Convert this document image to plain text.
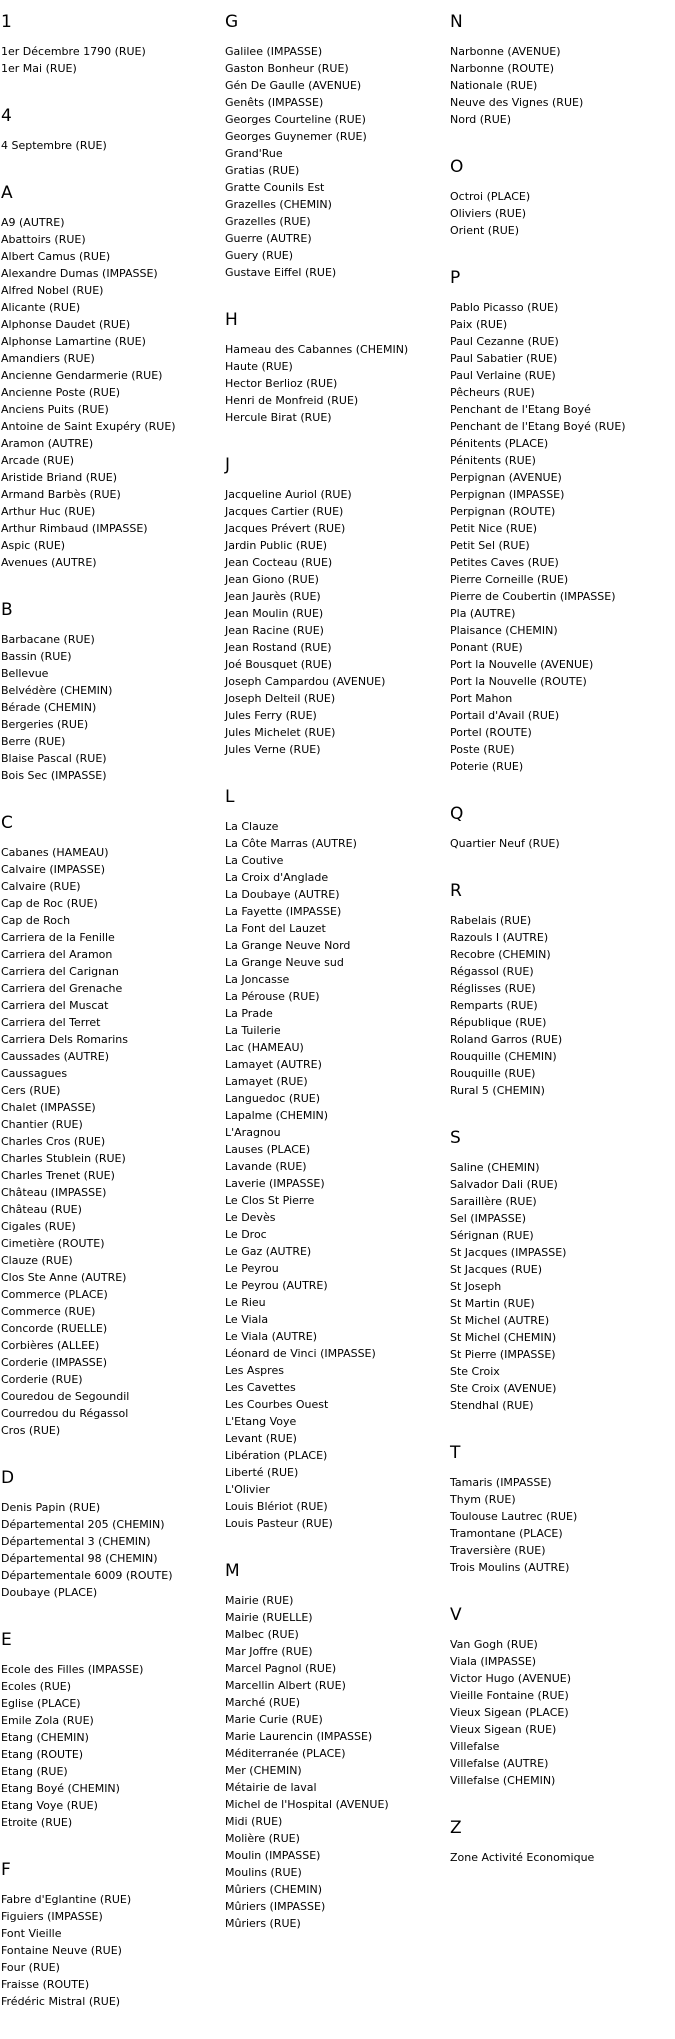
1
1er Décembre 1790 (RUE)
1er Mai (RUE)
4
4 Septembre (RUE)
A
A9 (AUTRE)
Abattoirs (RUE)
Albert Camus (RUE)
Alexandre Dumas (IMPASSE)
Alfred Nobel (RUE)
Alicante (RUE)
Alphonse Daudet (RUE)
Alphonse Lamartine (RUE)
Amandiers (RUE)
Ancienne Gendarmerie (RUE)
Ancienne Poste (RUE)
Anciens Puits (RUE)
Antoine de Saint Exupéry (RUE)
Aramon (AUTRE)
Arcade (RUE)
Aristide Briand (RUE)
Armand Barbès (RUE)
Arthur Huc (RUE)
Arthur Rimbaud (IMPASSE)
Aspic (RUE)
Avenues (AUTRE)
B
Barbacane (RUE)
Bassin (RUE)
Bellevue
Belvédère (CHEMIN)
Bérade (CHEMIN)
Bergeries (RUE)
Berre (RUE)
Blaise Pascal (RUE)
Bois Sec (IMPASSE)
C
Cabanes (HAMEAU)
Calvaire (IMPASSE)
Calvaire (RUE)
Cap de Roc (RUE)
Cap de Roch
Carriera de la Fenille
Carriera del Aramon
Carriera del Carignan
Carriera del Grenache
Carriera del Muscat
Carriera del Terret
Carriera Dels Romarins
Caussades (AUTRE)
Caussagues
Cers (RUE)
Chalet (IMPASSE)
Chantier (RUE)
Charles Cros (RUE)
Charles Stublein (RUE)
Charles Trenet (RUE)
Château (IMPASSE)
Château (RUE)
Cigales (RUE)
Cimetière (ROUTE)
Clauze (RUE)
Clos Ste Anne (AUTRE)
Commerce (PLACE)
Commerce (RUE)
Concorde (RUELLE)
Corbières (ALLEE)
Corderie (IMPASSE)
Corderie (RUE)
Couredou de Segoundil
Courredou du Régassol
Cros (RUE)
D
Denis Papin (RUE)
Départemental 205 (CHEMIN)
Départemental 3 (CHEMIN)
Départemental 98 (CHEMIN)
Départementale 6009 (ROUTE)
Doubaye (PLACE)
E
Ecole des Filles (IMPASSE)
Ecoles (RUE)
Eglise (PLACE)
Emile Zola (RUE)
Etang (CHEMIN)
Etang (ROUTE)
Etang (RUE)
Etang Boyé (CHEMIN)
Etang Voye (RUE)
Etroite (RUE)
F
Fabre d'Eglantine (RUE)
Figuiers (IMPASSE)
Font Vieille
Fontaine Neuve (RUE)
Four (RUE)
Fraisse (ROUTE)
Frédéric Mistral (RUE)
G
Galilee (IMPASSE)
Gaston Bonheur (RUE)
Gén De Gaulle (AVENUE)
Genêts (IMPASSE)
Georges Courteline (RUE)
Georges Guynemer (RUE)
Grand'Rue
Gratias (RUE)
Gratte Counils Est
Grazelles (CHEMIN)
Grazelles (RUE)
Guerre (AUTRE)
Guery (RUE)
Gustave Eiffel (RUE)
H
Hameau des Cabannes (CHEMIN)
Haute (RUE)
Hector Berlioz (RUE)
Henri de Monfreid (RUE)
Hercule Birat (RUE)
J
Jacqueline Auriol (RUE)
Jacques Cartier (RUE)
Jacques Prévert (RUE)
Jardin Public (RUE)
Jean Cocteau (RUE)
Jean Giono (RUE)
Jean Jaurès (RUE)
Jean Moulin (RUE)
Jean Racine (RUE)
Jean Rostand (RUE)
Joé Bousquet (RUE)
Joseph Campardou (AVENUE)
Joseph Delteil (RUE)
Jules Ferry (RUE)
Jules Michelet (RUE)
Jules Verne (RUE)
L
La Clauze
La Côte Marras (AUTRE)
La Coutive
La Croix d'Anglade
La Doubaye (AUTRE)
La Fayette (IMPASSE)
La Font del Lauzet
La Grange Neuve Nord
La Grange Neuve sud
La Joncasse
La Pérouse (RUE)
La Prade
La Tuilerie
Lac (HAMEAU)
Lamayet (AUTRE)
Lamayet (RUE)
Languedoc (RUE)
Lapalme (CHEMIN)
L'Aragnou
Lauses (PLACE)
Lavande (RUE)
Laverie (IMPASSE)
Le Clos St Pierre
Le Devès
Le Droc
Le Gaz (AUTRE)
Le Peyrou
Le Peyrou (AUTRE)
Le Rieu
Le Viala
Le Viala (AUTRE)
Léonard de Vinci (IMPASSE)
Les Aspres
Les Cavettes
Les Courbes Ouest
L'Etang Voye
Levant (RUE)
Libération (PLACE)
Liberté (RUE)
L'Olivier
Louis Blériot (RUE)
Louis Pasteur (RUE)
M
Mairie (RUE)
Mairie (RUELLE)
Malbec (RUE)
Mar Joffre (RUE)
Marcel Pagnol (RUE)
Marcellin Albert (RUE)
Marché (RUE)
Marie Curie (RUE)
Marie Laurencin (IMPASSE)
Méditerranée (PLACE)
Mer (CHEMIN)
Métairie de laval
Michel de l'Hospital (AVENUE)
Midi (RUE)
Molière (RUE)
Moulin (IMPASSE)
Moulins (RUE)
Mûriers (CHEMIN)
Mûriers (IMPASSE)
Mûriers (RUE)
N
Narbonne (AVENUE)
Narbonne (ROUTE)
Nationale (RUE)
Neuve des Vignes (RUE)
Nord (RUE)
O
Octroi (PLACE)
Oliviers (RUE)
Orient (RUE)
P
Pablo Picasso (RUE)
Paix (RUE)
Paul Cezanne (RUE)
Paul Sabatier (RUE)
Paul Verlaine (RUE)
Pêcheurs (RUE)
Penchant de l'Etang Boyé
Penchant de l'Etang Boyé (RUE)
Pénitents (PLACE)
Pénitents (RUE)
Perpignan (AVENUE)
Perpignan (IMPASSE)
Perpignan (ROUTE)
Petit Nice (RUE)
Petit Sel (RUE)
Petites Caves (RUE)
Pierre Corneille (RUE)
Pierre de Coubertin (IMPASSE)
Pla (AUTRE)
Plaisance (CHEMIN)
Ponant (RUE)
Port la Nouvelle (AVENUE)
Port la Nouvelle (ROUTE)
Port Mahon
Portail d'Avail (RUE)
Portel (ROUTE)
Poste (RUE)
Poterie (RUE)
Q
Quartier Neuf (RUE)
R
Rabelais (RUE)
Razouls I (AUTRE)
Recobre (CHEMIN)
Régassol (RUE)
Réglisses (RUE)
Remparts (RUE)
République (RUE)
Roland Garros (RUE)
Rouquille (CHEMIN)
Rouquille (RUE)
Rural 5 (CHEMIN)
S
Saline (CHEMIN)
Salvador Dali (RUE)
Saraillère (RUE)
Sel (IMPASSE)
Sérignan (RUE)
St Jacques (IMPASSE)
St Jacques (RUE)
St Joseph
St Martin (RUE)
St Michel (AUTRE)
St Michel (CHEMIN)
St Pierre (IMPASSE)
Ste Croix
Ste Croix (AVENUE)
Stendhal (RUE)
T
Tamaris (IMPASSE)
Thym (RUE)
Toulouse Lautrec (RUE)
Tramontane (PLACE)
Traversière (RUE)
Trois Moulins (AUTRE)
V
Van Gogh (RUE)
Viala (IMPASSE)
Victor Hugo (AVENUE)
Vieille Fontaine (RUE)
Vieux Sigean (PLACE)
Vieux Sigean (RUE)
Villefalse
Villefalse (AUTRE)
Villefalse (CHEMIN)
Z
Zone Activité Economique
